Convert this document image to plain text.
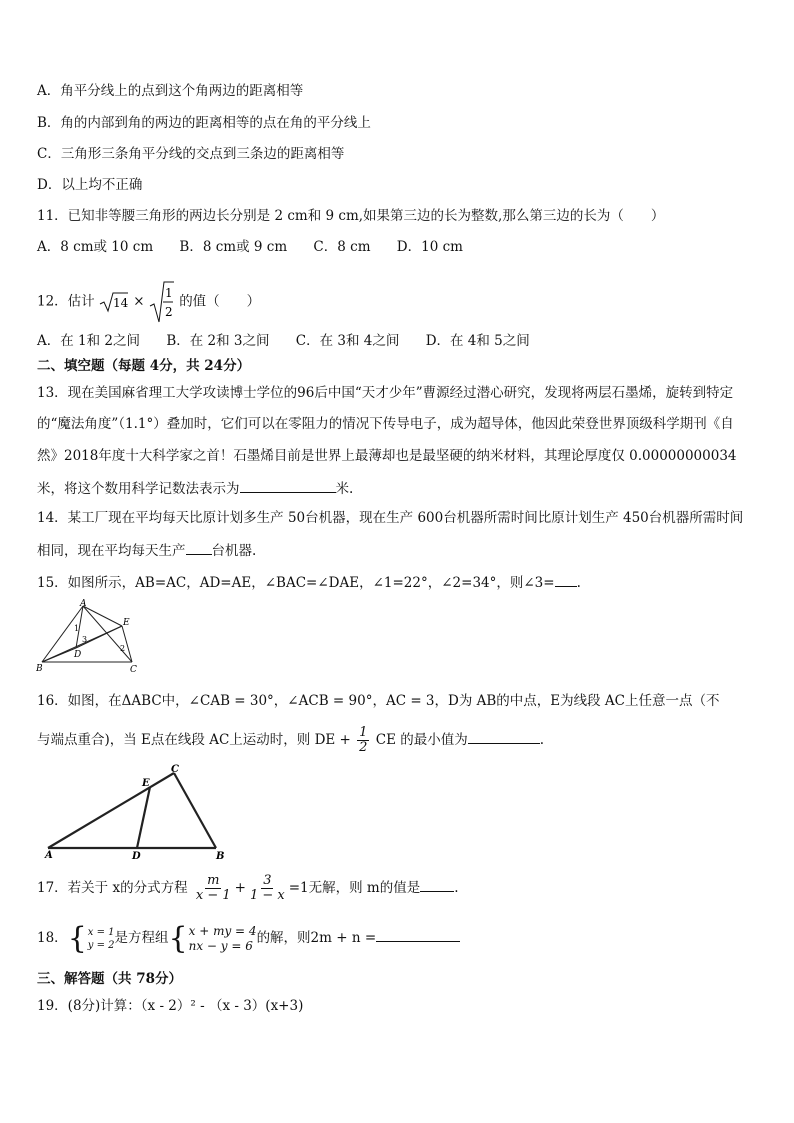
A．角平分线上的点到这个角两边的距离相等
B．角的内部到角的两边的距离相等的点在角的平分线上
C．三角形三条角平分线的交点到三条边的距离相等
D．以上均不正确
11．已知非等腰三角形的两边长分别是 2 cm和 9 cm,如果第三边的长为整数,那么第三边的长为（　　）
A．8 cm或 10 cm B．8 cm或 9 cm C．8 cm D．10 cm
12．估计 14 ×
1
2
的值（　　）
A．在 1和 2之间 B．在 2和 3之间 C．在 3和 4之间 D．在 4和 5之间
二、填空题（每题 4分，共 24分）
13．现在美国麻省理工大学攻读博士学位的96后中国“天才少年”曹源经过潜心研究，发现将两层石墨烯，旋转到特定
的“魔法角度”（1.1°）叠加时，它们可以在零阻力的情况下传导电子，成为超导体，他因此荣登世界顶级科学期刊《自
然》2018年度十大科学家之首！石墨烯目前是世界上最薄却也是最坚硬的纳米材料，其理论厚度仅 0.00000000034
米，将这个数用科学记数法表示为	米.
14．某工厂现在平均每天比原计划多生产 50台机器，现在生产 600台机器所需时间比原计划生产 450台机器所需时间
相同，现在平均每天生产 台机器.
15．如图所示，AB=AC，AD=AE，∠BAC=∠DAE，∠1=22°，∠2=34°，则∠3= .
A
B	C
D
E
1
2
3
16．如图，在ΔABC中，∠CAB = 30°，∠ACB = 90°，AC = 3，D为 AB的中点，E为线段 AC上任意一点（不
与端点重合)，当 E点在线段 AC上运动时，则 DE + $\frac{1}{2}$ CE 的最小值为	.
A	B
C
D
E
17．若关于 x的分式方程 $\frac{m}{x - 1} + \frac{3}{1 - x} =1$无解，则 m的值是	.
18． { x = 1
y = 2 是方程组 { x + my = 4
nx − y = 6 的解，则2m + n =
三、解答题（共 78分）
19．(8分)计算：（x - 2）² - （x - 3）(x+3)
